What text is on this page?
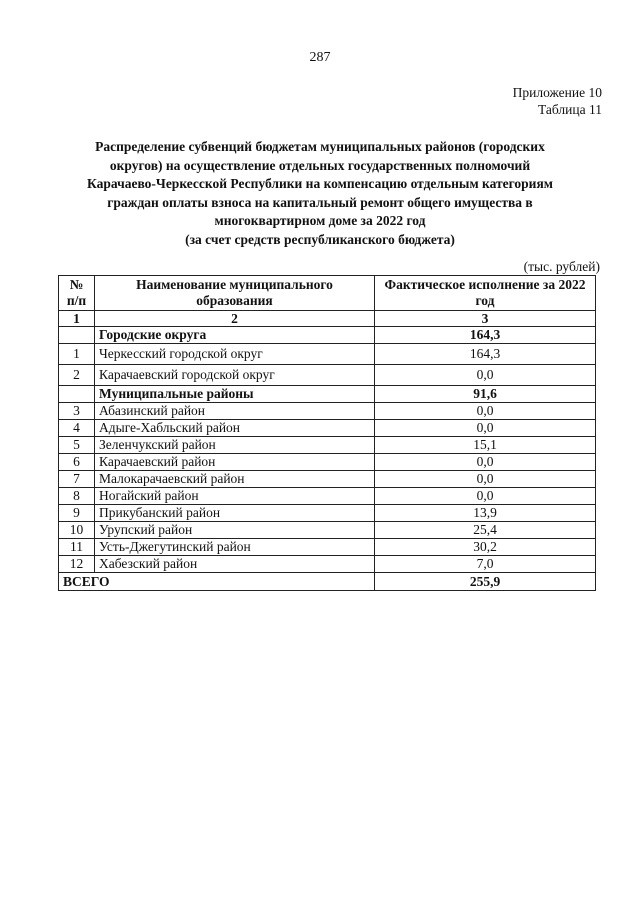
287
Приложение 10
Таблица 11
Распределение субвенций бюджетам муниципальных районов (городских
округов) на осуществление отдельных государственных полномочий
Карачаево-Черкесской Республики на компенсацию отдельным категориям
граждан оплаты взноса на капитальный ремонт общего имущества в
многоквартирном доме за 2022 год
(за счет средств республиканского бюджета)
(тыс. рублей)
№ п/п	Наименование муниципального образования	Фактическое исполнение за 2022 год
1	2	3
	Городские округа	164,3
1	Черкесский городской округ	164,3
2	Карачаевский городской округ	0,0
	Муниципальные районы	91,6
3	Абазинский район	0,0
4	Адыге-Хабльский район	0,0
5	Зеленчукский район	15,1
6	Карачаевский район	0,0
7	Малокарачаевский район	0,0
8	Ногайский район	0,0
9	Прикубанский район	13,9
10	Урупский район	25,4
11	Усть-Джегутинский район	30,2
12	Хабезский район	7,0
ВСЕГО		255,9
